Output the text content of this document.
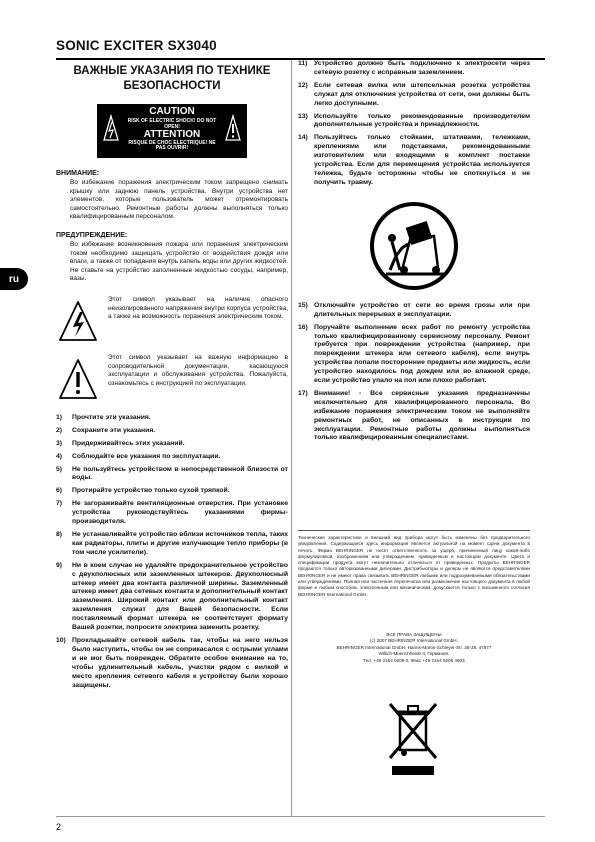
SONIC EXCITER SX3040
ru
ВАЖНЫЕ УКАЗАНИЯ ПО ТЕХНИКЕ БЕЗОПАСНОСТИ
CAUTION
RISK OF ELECTRIC SHOCK! DO NOT OPEN!
ATTENTION
RISQUE DE CHOC ELECTRIQUE! NE PAS OUVRIR!
ВНИМАНИЕ:
Во избежание поражения электрическим током запрещено снимать крышку или заднюю панель устройства. Внутри устройства нет элементов, которые пользователь может отремонтировать самостоятельно. Ремонтные работы должны выполняться только квалифицированным персоналом.
ПРЕДУПРЕЖДЕНИЕ:
Во избежание возникновения пожара или поражения электрическим током необходимо защищать устройство от воздействия дождя или влаги, а также от попадания внутрь капель воды или других жидкостей. Не ставьте на устройство заполненные жидкостью сосуды, например, вазы.
Этот символ указывает на наличие опасного неизолированного напряжения внутри корпуса устройства, а также на возможность поражения электрическим током.
Этот символ указывает на важную информацию в сопроводительной документации, касающуюся эксплуатации и обслуживания устройства. Пожалуйста, ознакомьтесь с инструкцией по эксплуатации.
1)	Прочтите эти указания.
2)	Сохраните эти указания.
3)	Придерживайтесь этих указаний.
4)	Соблюдайте все указания по эксплуатации.
5)	Не пользуйтесь устройством в непосредственной близости от воды.
6)	Протирайте устройство только сухой тряпкой.
7)	Не загораживайте вентиляционные отверстия. При установке устройства руководствуйтесь указаниями фирмы-производителя.
8)	Не устанавливайте устройство вблизи источников тепла, таких как радиаторы, плиты и другие излучающие тепло приборы (в том числе усилители).
9)	Ни в коем случае не удаляйте предохранительное устройство с двухполюсных или заземленных штекеров. Двухполюсный штекер имеет два контакта различной ширины. Заземленный штекер имеет два сетевых контакта и дополнительный контакт заземления. Широкий контакт или дополнительный контакт заземления служат для Вашей безопасности. Если поставляемый формат штекера не соответствует формату Вашей розетки, попросите электрика заменить розетку.
10) Прокладывайте сетевой кабель так, чтобы на него нельзя было наступить, чтобы он не соприкасался с острыми углами и не мог быть поврежден. Обратите особое внимание на то, чтобы удлинительный кабель, участки рядом с вилкой и место крепления сетевого кабеля к устройству были хорошо защищены.
11) Устройство должно быть подключено к электросети через сетевую розетку с исправным заземлением.
12) Если сетевая вилка или штепсельная розетка устройства служат для отключения устройства от сети, они должны быть легко доступными.
13) Используйте только рекомендованные производителем дополнительные устройства и принадлежности.
14) Пользуйтесь только стойками, штативами, тележками, креплениями или подставками, рекомендованными изготовителем или входящими в комплект поставки устройства. Если для перемещения устройства используется тележка, будьте осторожны чтобы не споткнуться и не получить травму.
15) Отключайте устройство от сети во время грозы или при длительных перерывах в эксплуатации.
16) Поручайте выполнение всех работ по ремонту устройства только квалифицированному сервисному персоналу. Ремонт требуется при повреждении устройства (например, при повреждении штекера или сетевого кабеля), если внутрь устройства попали посторонние предметы или жидкость, если устройство находилось под дождем или во влажной среде, если устройство упало на пол или плохо работает.
17) Внимание! - Все сервисные указания предназначены исключительно для квалифицированного персонала. Во избежание поражения электрическим током не выполняйте ремонтных работ, не описанных в инструкции по эксплуатации. Ремонтные работы должны выполняться только квалифицированным специалистами.
Технические характеристики и внешний вид прибора могут быть изменены без предварительного уведомления. Содержащаяся здесь информация является актуальной на момент сдачи документа в печать. Фирма BEHRINGER не несет ответственность за ущерб, причиненный лицу какой-либо формулировкой, изображением или утверждением, приведенным в настоящем документе. Цвета и спецификации продукта могут незначительно отличаться от приведенных. Продукты BEHRINGER продаются только авторизованными дилерами. Дистрибьюторы и дилеры не являются представителями BEHRINGER и не имеют права связывать BEHRINGER любыми или подразумеваемыми обязательствами или утверждениями. Полная или частичная перепечатка или размножение настоящего документа в любой форме и любым способом, электронным или механическим, допускается только с письменного согласия BEHRINGER International GmbH.
ВСЕ ПРАВА ЗАЩИЩЕНЫ
(c) 2007 BEHRINGER International GmbH,
BEHRINGER International GmbH, Hanns-Martin-Schleyer-Str. 36-38, 47877
Willich-Muenchheide II, Германия.
Тел. +49 2154 9206 0, Факс +49 2154 9206 4903
2
